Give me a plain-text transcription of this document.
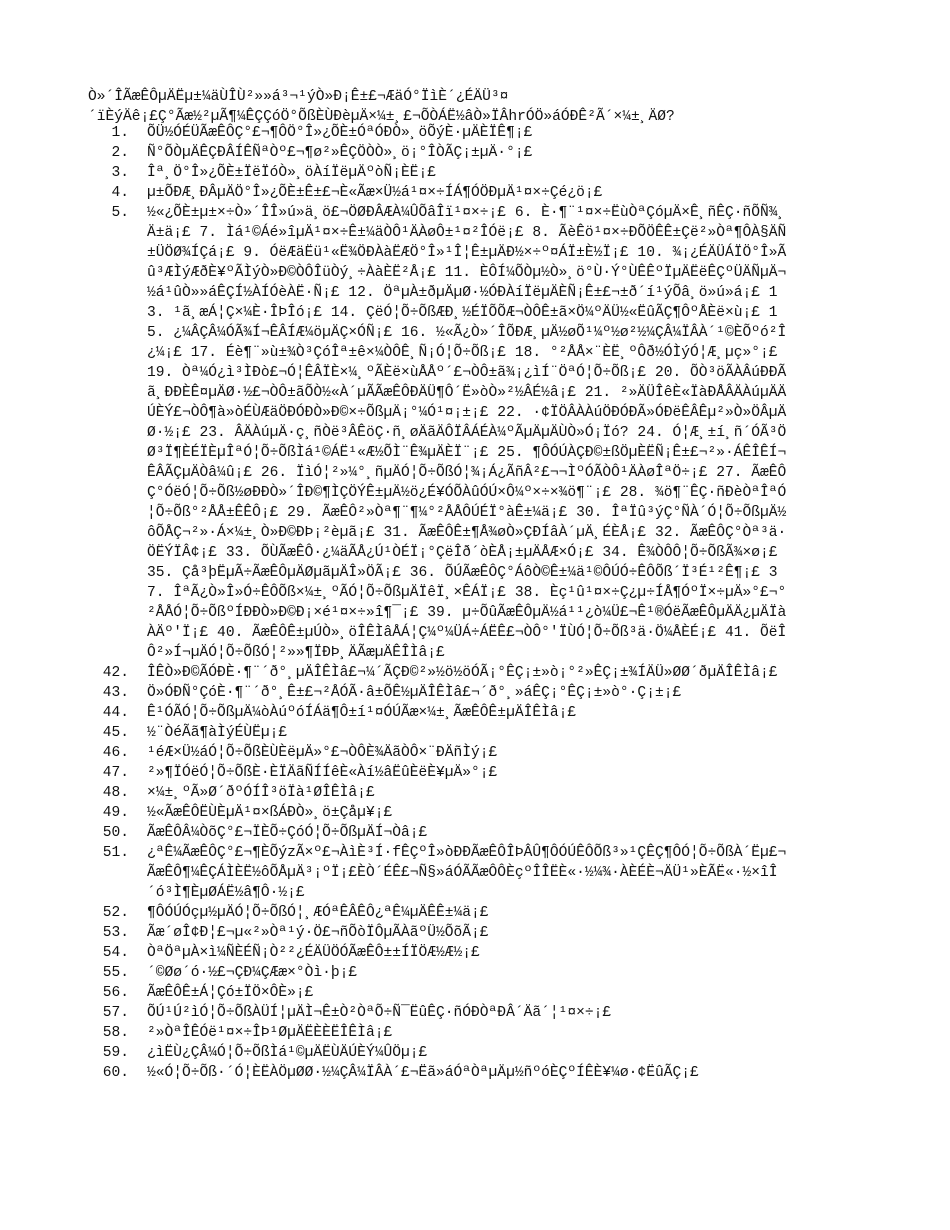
Ò»´ÎÃæÊÔµÄËµ±¼äÙÎÙ²»»á³¬¹ýÒ»Ð¡Ê±£¬ÆäÓ°ÏìÈ´¿ÉÄÜ³¤
´ïÈýÄê¡£Ç°Ãæ½²µÃ¶¼ÊÇÇóÖ°ÕßÈÙÐèµÄ×¼±¸£¬ÕÒÁË½âÒ»ÏÂhrÓÖ»áÓÐÊ²Ã´×¼±¸ÄØ?
1.	ÕÜ½ÓÉÜÃæÊÔÇ°£¬¶ÔÖ°Î»¿ÕÈ±ÓªÓÐÒ»¸öÕýÈ·µÄÈÏÊ¶¡£
2.	Ñ°ÕÒµÄÊÇÐÂÍÊÑªÒº£¬¶ø²»ÊÇÖÒÒ»¸ö¡°ÎÒÃÇ¡±µÄ·°¡£
3.	Îª¸Ö°Î»¿ÕÈ±ÏëÏóÒ»¸öÀíÏëµÄºòÑ¡ÈË¡£
4.	µ±ÕÐÆ¸ÐÂµÄÖ°Î»¿ÕÈ±Ê±£¬È«Ãæ×Ü½á¹¤×÷ÍÁ¶ÓÖÐµÄ¹¤×÷Çé¿ö¡£
5.	½«¿ÕÈ±µ±×÷Ò»´ÎÎ»ú»ä¸ö£¬ÖØÐÂÆÀ¼ÛÕâÎï¹¤×÷¡£ 6. È·¶¨¹¤×÷ËùÒªÇóµÄ×Ê¸ñÊÇ·ñÕÑ¾¸Ä±ä¡£ 7. Ìá¹©Áé»îµÄ¹¤×÷Ê±¼äÒÔ¹ÄÀøÔ±¹¤²ÎÓë¡£ 8. ÃèÊö¹¤×÷ÐÕÖÊÊ±Çë²»Òª¶ÔÀ§ÄÑ±ÜÖØ¾ÍÇá¡£ 9. ÓëÆäËü¹«Ë¾ÖÐÀàËÆÖ°Î»¹Î¦Ê±µÄÐ½×÷º¤ÁÏ±È½Ï¡£ 10. ¾¡¿ÉÄÜÁÏÖ°Î»Ãû³ÆÌýÆðÈ¥ºÃÌýÒ»Ð©ÒÔÎüÒý¸÷ÀàÈË²Å¡£ 11. ÈÔÍ¼ÕÒµ½Ò»¸ö°Ù·Ý°ÙÊÊºÏµÄËëÊÇºÜÄÑµÄ¬½á¹ûÒ»»áÊÇÍ½ÀÍÓèÀË·Ñ¡£ 12. ÖªµÀ±ðµÄµØ·½ÓÐÀíÏëµÄÈÑ¡Ê±£¬±ð´í¹ýÕâ¸ö»ú»á¡£ 13. ¹ã¸æÁ¦Ç×¼È·ÎÞÎó¡£ 14. ÇëÓ¦Õ÷ÕßÆÐ¸½ÉÏÕÕÆ¬ÒÔÊ±ã×Ö¼ºÄÜ½«ËûÃÇ¶ÔºÅÈë×ù¡£ 15. ¿¼ÂÇÂ¼ÓÃ¾Í¬ÊÂÍÆ¼öµÄÇ×ÓÑ¡£ 16. ½«Ã¿Ò»´ÎÕÐÆ¸µÄ½øÕ¹¼º½ø²½¼ÇÂ¼ÏÂÀ´¹©ÈÕºó²Î¿¼¡£ 17. Éè¶¨»ù±¾Ò³ÇóÎª±ê×¼ÒÔÊ¸Ñ¡Ó¦Õ÷Õß¡£ 18. °²ÅÅ×¨ÈË¸ºÔð½ÓÌýÓ¦Æ¸µç»°¡£ 19. Òª¼Ó¿ì³ÌÐò£¬Ó¦ÊÂÏÈ×¼¸ºÃÈë×ùÅÅº´£¬ÒÔ±ã¾¡¿ìÍ¨ÖªÓ¦Õ÷Õß¡£ 20. ÕÒ³öÃÀÂúÐÐÃã¸ÐÐÈÊ¤µÄØ·½£¬ÒÔ±ãÕÒ½«À´µÃÃæÊÔÐÄÜ¶Ô´Ë»òÒ»²½ÂÉ½â¡£ 21. ²»ÄÜÎêÈ«ÏàÐÅÂÄÀúµÄÄÚÈÝ£¬ÒÔ¶à»òÉÙÆäÖÐÓÐÒ»Ð©×÷ÕßµÄ¡°¼Ó¹¤¡±¡£ 22. ·¢ÏÖÂÀÀúÖÐÓÐÃ»ÓÐëÊÂÊµ²»Ò»ÖÂµÄØ·½¡£ 23. ÂÄÀúµÄ·ç¸ñÒë³ÂÊöÇ·ñ¸øÄãÄÔÏÂÁÉÀ¼ºÃµÄµÄÙÒ»Ó¡Ïó? 24. Ó¦Æ¸±í¸ñ´ÓÃ³ÖØ³Ï¶ÈÉÏÈµÎªÓ¦Õ÷ÕßÌá¹©ÁË¹«Æ½ÕÌ¨Ê¾µÄÈÏ¨¡£ 25. ¶ÔÓÚÀÇÐ©±ßÖµÈËÑ¡Ê±£¬²»·ÁÊÎÊÍ¬ÊÂÃÇµÄÒâ¼û¡£ 26. ÏìÓ¦²»¼°¸ñµÄÓ¦Õ÷ÕßÓ¦¾¡Á¿ÃñÂ²£¬¬ÌºÓÃÒÔ¹ÄÀøÎªÖ÷¡£ 27. ÃæÊÔÇ°ÓëÓ¦Õ÷Õß½øÐÐÒ»´ÎÐ©¶ÌÇÖÝÊ±µÄ½ö¿É¥ÓÕÀûÓÚ×Ô¼º×÷×¾ö¶¨¡£ 28. ¾ö¶¨ÊÇ·ñÐèÒªÎªÓ¦Õ÷Õß°²ÅÅ±ÊÊÔ¡£ 29. ÃæÊÔ²»Òª¶¨¶¼°²ÅÅÔÚÉÏ°àÊ±¼ä¡£ 30. ÎªÏû³ýÇ°ÑÀ´Ó¦Õ÷ÕßµÄ½ôÕÅÇ¬²»·Á×¼±¸Ò»Ð©ÐÞ¡²èµã¡£ 31. ÃæÊÔÊ±¶Å¾øÒ»ÇÐÍâÀ´µÄ¸ÉÈÅ¡£ 32. ÃæÊÔÇ°Òª³ä·ÖËÝÏÂ¢¡£ 33. ÕÙÃæÊÔ·¿¼äÃÅ¿Ú¹ÒÉÏ¡°ÇëÎð´òÈÅ¡±µÄÅÆ×Ó¡£ 34. Ê¾ÒÔÔ¦Õ÷ÕßÃ¾×ø¡£ 35. Çå³þËµÃ÷ÃæÊÔµÄØµãµÄÎ»ÖÃ¡£ 36. ÕÚÃæÊÔÇ°ÁôÒ©Ê±¼ä¹©ÔÚÓ÷ÊÔÕß´Ï³É¹²Ê¶¡£ 37. ÎªÃ¿Ò»Î»Ó÷ÊÔÕß×¼±¸ºÃÓ¦Õ÷ÕßµÄÏêÏ¸×ÊÁÏ¡£ 38. Èç¹û¹¤×÷Ç¿µ÷ÍÅ¶ÓºÏ×÷µÄ»°£¬°²ÅÅÓ¦Õ÷ÕßºÍÐÐÒ»Ð©Ð¡×é¹¤×÷»î¶¯¡£ 39. µ÷ÕûÃæÊÔµÄ½á¹¹¿ò¼Ü£¬Ê¹®ÓëÃæÊÔµÄÄ¿µÄÏàÀÄº'Ï¡£ 40. ÃæÊÔÊ±µÚÒ»¸öÎÊÌâÅÁ¦Ç¼º¼ÜÁ÷ÁËÊ£¬ÒÔ°'ÏÙÓ¦Õ÷Õß³ä·Ö¼ÅÈÉ¡£ 41. ÕëÎÔ²»Í¬µÄÓ¦Õ÷ÕßÓ¦²»»¶ÏÐÞ¸ÄÃæµÄÊÎÌâ¡£
42.	ÎÊÒ»Ð©ÃÓÐÈ·¶¨´ð°¸µÄÎÊÌâ£¬¼´ÃÇÐ©²»½ö½öÓÃ¡°ÊÇ¡±»ò¡°²»ÊÇ¡±¾ÍÄÜ»ØØ´ðµÄÎÊÌâ¡£
43.	Ö»ÓÐÑ°ÇóÈ·¶¨´ð°¸Ê±£¬²ÅÓÃ·â±ÕÊ½µÄÎÊÌâ£¬´ð°¸»áÊÇ¡°ÊÇ¡±»ò°·Ç¡±¡£
44.	Ê¹ÓÃÓ¦Õ÷ÕßµÄ¼òÀúºóÍÁä¶Ô±í¹¤ÓÚÃæ×¼±¸ÃæÊÔÊ±µÄÎÊÌâ¡£
45.	½¨ÒéÃã¶àÌýÉÙËµ¡£
46.	¹éÆ×Ü½áÓ¦Õ÷ÕßÈÙÈëµÄ»°£¬ÒÔÈ¾ÄãÒÔ×¨ÐÄñÌý¡£
47.	²»¶ÏÓëÓ¦Õ÷ÕßÈ·ÈÏÄãÑÍÍêÈ«Àí½âËûÈëÈ¥µÄ»°¡£
48.	×¼±¸ºÃ»Ø´ðºÓÍÎ³öÏà¹ØÎÊÌâ¡£
49.	½«ÃæÊÔËÙÈµÄ¹¤×ßÁÐÒ»¸ö±Çåµ¥¡£
50.	ÃæÊÔÂ¼ÒõÇ°£¬ÏÈÕ÷ÇóÓ¦Õ÷ÕßµÄÍ¬Òâ¡£
51.	¿ªÊ¼ÃæÊÔÇ°£¬¶ÈÕýzÃ×º£¬ÀìÈ³Í·fÊÇºÎ»òÐÐÃæÊÔÎÞÂÛ¶ÔÓÚÊÔÕß³»¹ÇÊÇ¶ÔÓ¦Õ÷ÕßÀ´Ëµ£¬ÃæÊÔ¶¼ÊÇÁÌÈË½ôÕÅµÄ³¡ºÏ¡£ÈÒ´ÉÊ£¬Ñ§»áÓÃÃæÔÔÈçºÎÎËÈ«·½¼¾·ÀÈÉÈ¬ÄÜ¹»ÈÃË«·½×îÎ´ó³Ì¶ÈµØÁË½â¶Ô·½¡£
52.	¶ÔÓÚÓçµ½µÄÓ¦Õ÷ÕßÓ¦¸ÆÓªÊÂÊÔ¿ªÊ¼µÄÊÊ±¼ä¡£
53.	Ãæ´øÎ¢Ð¦£¬µ«²»Òª¹ý·Ö£¬ñÕòÏÔµÃÀãºÜ½ÕõÃ¡£
54.	ÒªÖªµÀ×ì¼ÑÈÉÑ¡Ò²²¿ÉÄÜÖÓÃæÊÔ±±ÍÏÖÆ½Æ½¡£
55.	´©Øø´ó·½£¬ÇÐ¼ÇÆæ×°Òì·þ¡£
56.	ÃæÊÔÊ±Á¦Çó±ÏÖ×ÔÈ»¡£
57.	ÕÚ¹Ú²ìÓ¦Õ÷ÕßÀÜÍ¦µÄÌ¬Ê±Ò²ÒªÕ÷Ñ¯ËûÊÇ·ñÓÐÒªÐÂ´Äã´¦¹¤×÷¡£
58.	²»ÒªÎÊÓë¹¤×÷ÎÞ¹ØµÄËÈÈËÎÊÌâ¡£
59.	¿ìËÙ¿ÇÂ¼Ó¦Õ÷ÕßÌá¹©µÄËÙÄÚÈÝ¼ÛÖµ¡£
60.	½«Ó¦Õ÷Õß·´Ó¦ÈËÀÖµØØ·½¼ÇÂ¼ÏÂÀ´£¬Ëã»áÓªÒªµÄµ½ñºóÈÇºÍÊÈ¥¼ø·¢ËûÃÇ¡£
